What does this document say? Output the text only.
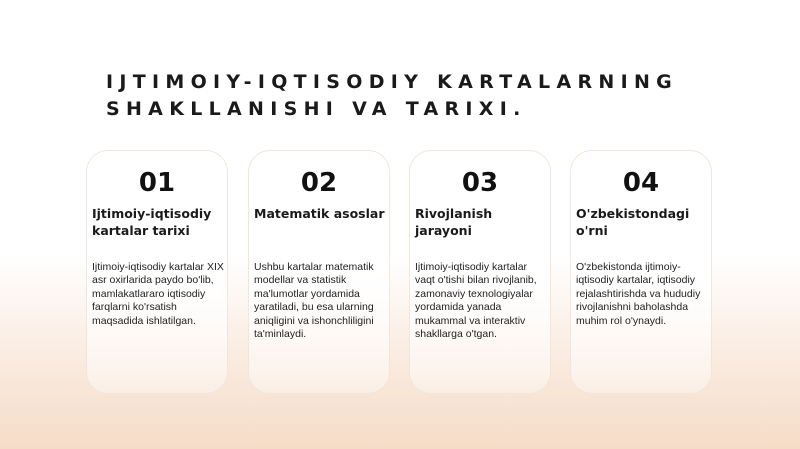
IJTIMOIY-IQTISODIY KARTALARNING
SHAKLLANISHI VA TARIXI.
01
Ijtimoiy-iqtisodiy kartalar tarixi
Ijtimoiy-iqtisodiy kartalar XIX asr oxirlarida paydo bo'lib, mamlakatlararo iqtisodiy farqlarni ko'rsatish maqsadida ishlatilgan.
02
Matematik asoslar
Ushbu kartalar matematik modellar va statistik ma'lumotlar yordamida yaratiladi, bu esa ularning aniqligini va ishonchliligini ta'minlaydi.
03
Rivojlanish jarayoni
Ijtimoiy-iqtisodiy kartalar vaqt o'tishi bilan rivojlanib, zamonaviy texnologiyalar yordamida yanada mukammal va interaktiv shakllarga o'tgan.
04
O'zbekistondagi o'rni
O'zbekistonda ijtimoiy-iqtisodiy kartalar, iqtisodiy rejalashtirishda va hududiy rivojlanishni baholashda muhim rol o'ynaydi.
